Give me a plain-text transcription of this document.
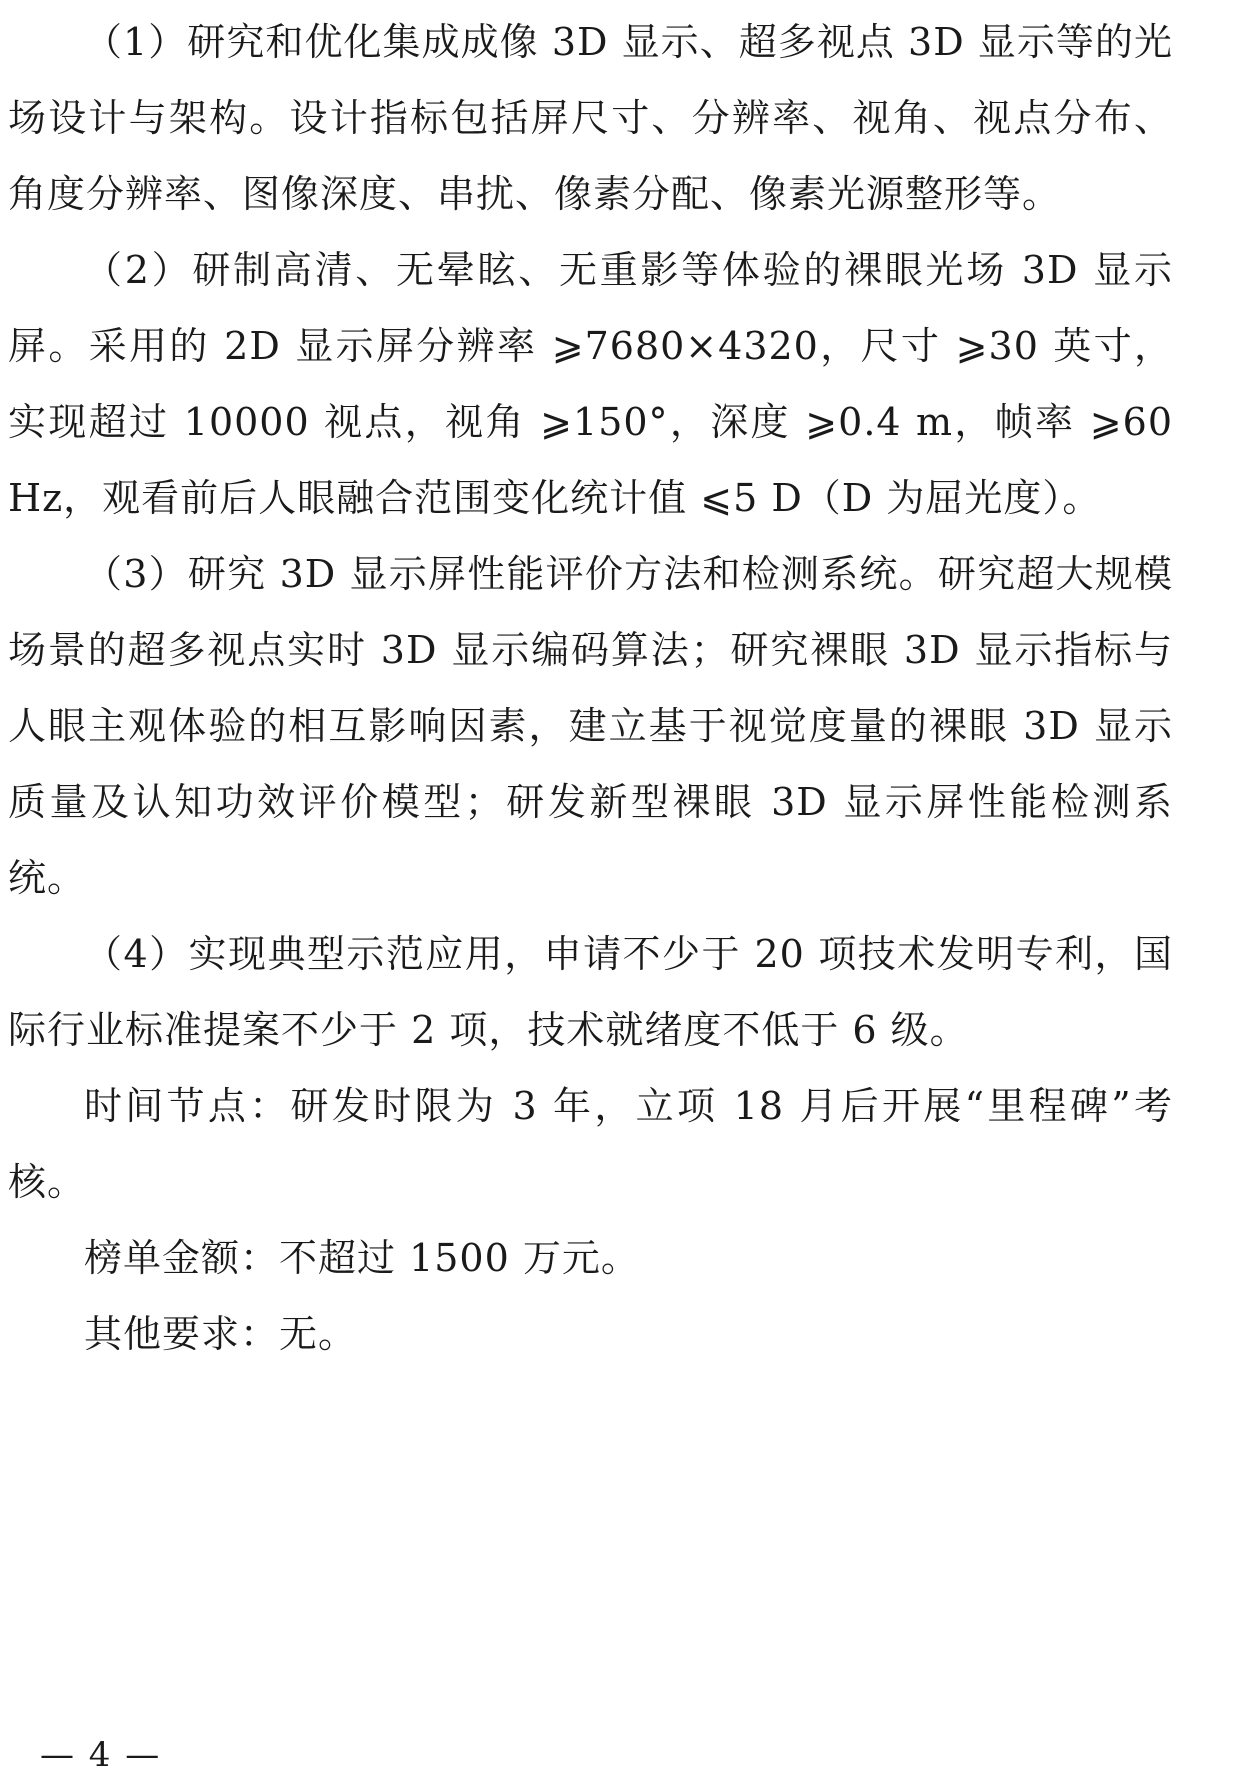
（1）研究和优化集成成像 3D 显示、超多视点 3D 显示等的光场设计与架构。设计指标包括屏尺寸、分辨率、视角、视点分布、角度分辨率、图像深度、串扰、像素分配、像素光源整形等。

（2）研制高清、无晕眩、无重影等体验的裸眼光场 3D 显示屏。采用的 2D 显示屏分辨率 ⩾7680×4320，尺寸 ⩾30 英寸，实现超过 10000 视点，视角 ⩾150°，深度 ⩾0.4 m，帧率 ⩾60 Hz，观看前后人眼融合范围变化统计值 ⩽5 D（D 为屈光度）。

（3）研究 3D 显示屏性能评价方法和检测系统。研究超大规模场景的超多视点实时 3D 显示编码算法；研究裸眼 3D 显示指标与人眼主观体验的相互影响因素，建立基于视觉度量的裸眼 3D 显示质量及认知功效评价模型；研发新型裸眼 3D 显示屏性能检测系统。

（4）实现典型示范应用，申请不少于 20 项技术发明专利，国际行业标准提案不少于 2 项，技术就绪度不低于 6 级。

时间节点：研发时限为 3 年，立项 18 月后开展“里程碑”考核。

榜单金额：不超过 1500 万元。

其他要求：无。

— 4 —
